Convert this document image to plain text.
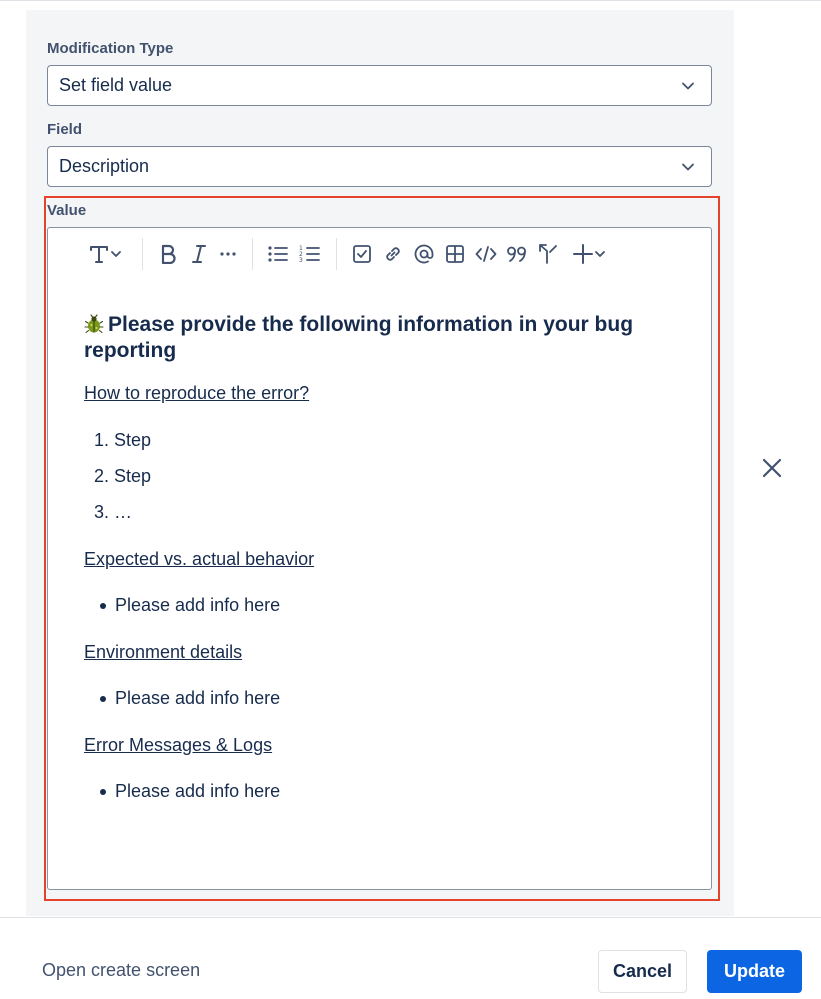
Modification Type
Set field value
Field
Description
Value
1
2
3
Please provide the following information in your bug reporting
How to reproduce the error?
1. Step
2. Step
3. …
Expected vs. actual behavior
Please add info here
Environment details
Please add info here
Error Messages & Logs
Please add info here
Open create screen	Cancel	Update
